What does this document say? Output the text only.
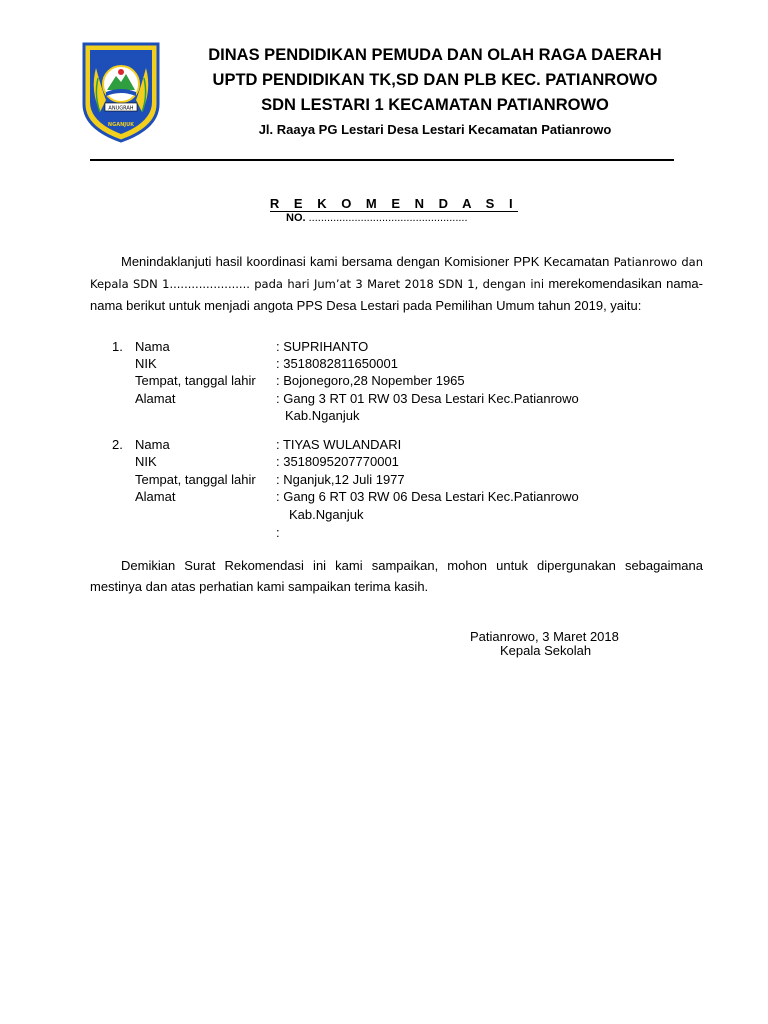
ANUGRAH
NGANJUK
DINAS PENDIDIKAN PEMUDA DAN OLAH RAGA DAERAH
UPTD PENDIDIKAN TK,SD DAN PLB KEC. PATIANROWO
SDN LESTARI 1 KECAMATAN PATIANROWO
Jl. Raaya PG Lestari Desa Lestari Kecamatan Patianrowo
R E K O M E N D A S I
NO. ....................................................
Menindaklanjuti hasil koordinasi kami bersama dengan Komisioner PPK Kecamatan Patianrowo dan Kepala SDN 1...................... pada hari Jum’at 3 Maret 2018 SDN 1, dengan ini merekomendasikan nama-nama berikut untuk menjadi angota PPS Desa Lestari pada Pemilihan Umum tahun 2019, yaitu:
1. Nama	: SUPRIHANTO
NIK	: 3518082811650001
Tempat, tanggal lahir : Bojonegoro,28 Nopember 1965
Alamat	: Gang 3 RT 01 RW 03 Desa Lestari Kec.Patianrowo
Kab.Nganjuk
2. Nama	: TIYAS WULANDARI
NIK	: 3518095207770001
Tempat, tanggal lahir : Nganjuk,12 Juli 1977
Alamat	: Gang 6 RT 03 RW 06 Desa Lestari Kec.Patianrowo
Kab.Nganjuk
:
Demikian Surat Rekomendasi ini kami sampaikan, mohon untuk dipergunakan sebagaimana mestinya dan atas perhatian kami sampaikan terima kasih.
Patianrowo, 3 Maret 2018
Kepala Sekolah
